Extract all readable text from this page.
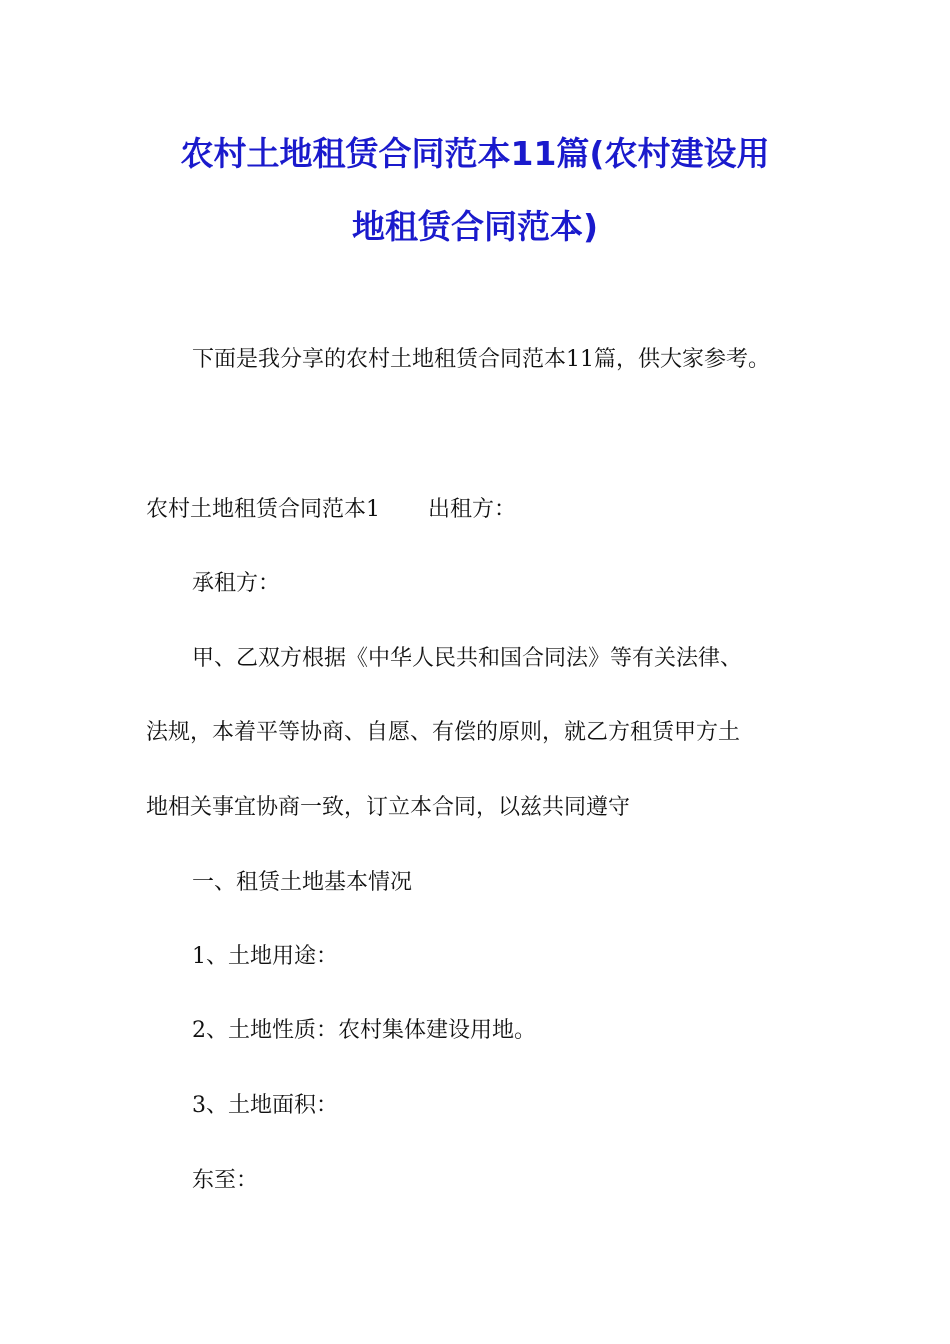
农村土地租赁合同范本11篇(农村建设用
地租赁合同范本)
下面是我分享的农村土地租赁合同范本11篇，供大家参考。
农村土地租赁合同范本1 出租方：
承租方：
甲、乙双方根据《中华人民共和国合同法》等有关法律、
法规，本着平等协商、自愿、有偿的原则，就乙方租赁甲方土
地相关事宜协商一致，订立本合同，以兹共同遵守
一、租赁土地基本情况
1、土地用途：
2、土地性质：农村集体建设用地。
3、土地面积：
东至：
